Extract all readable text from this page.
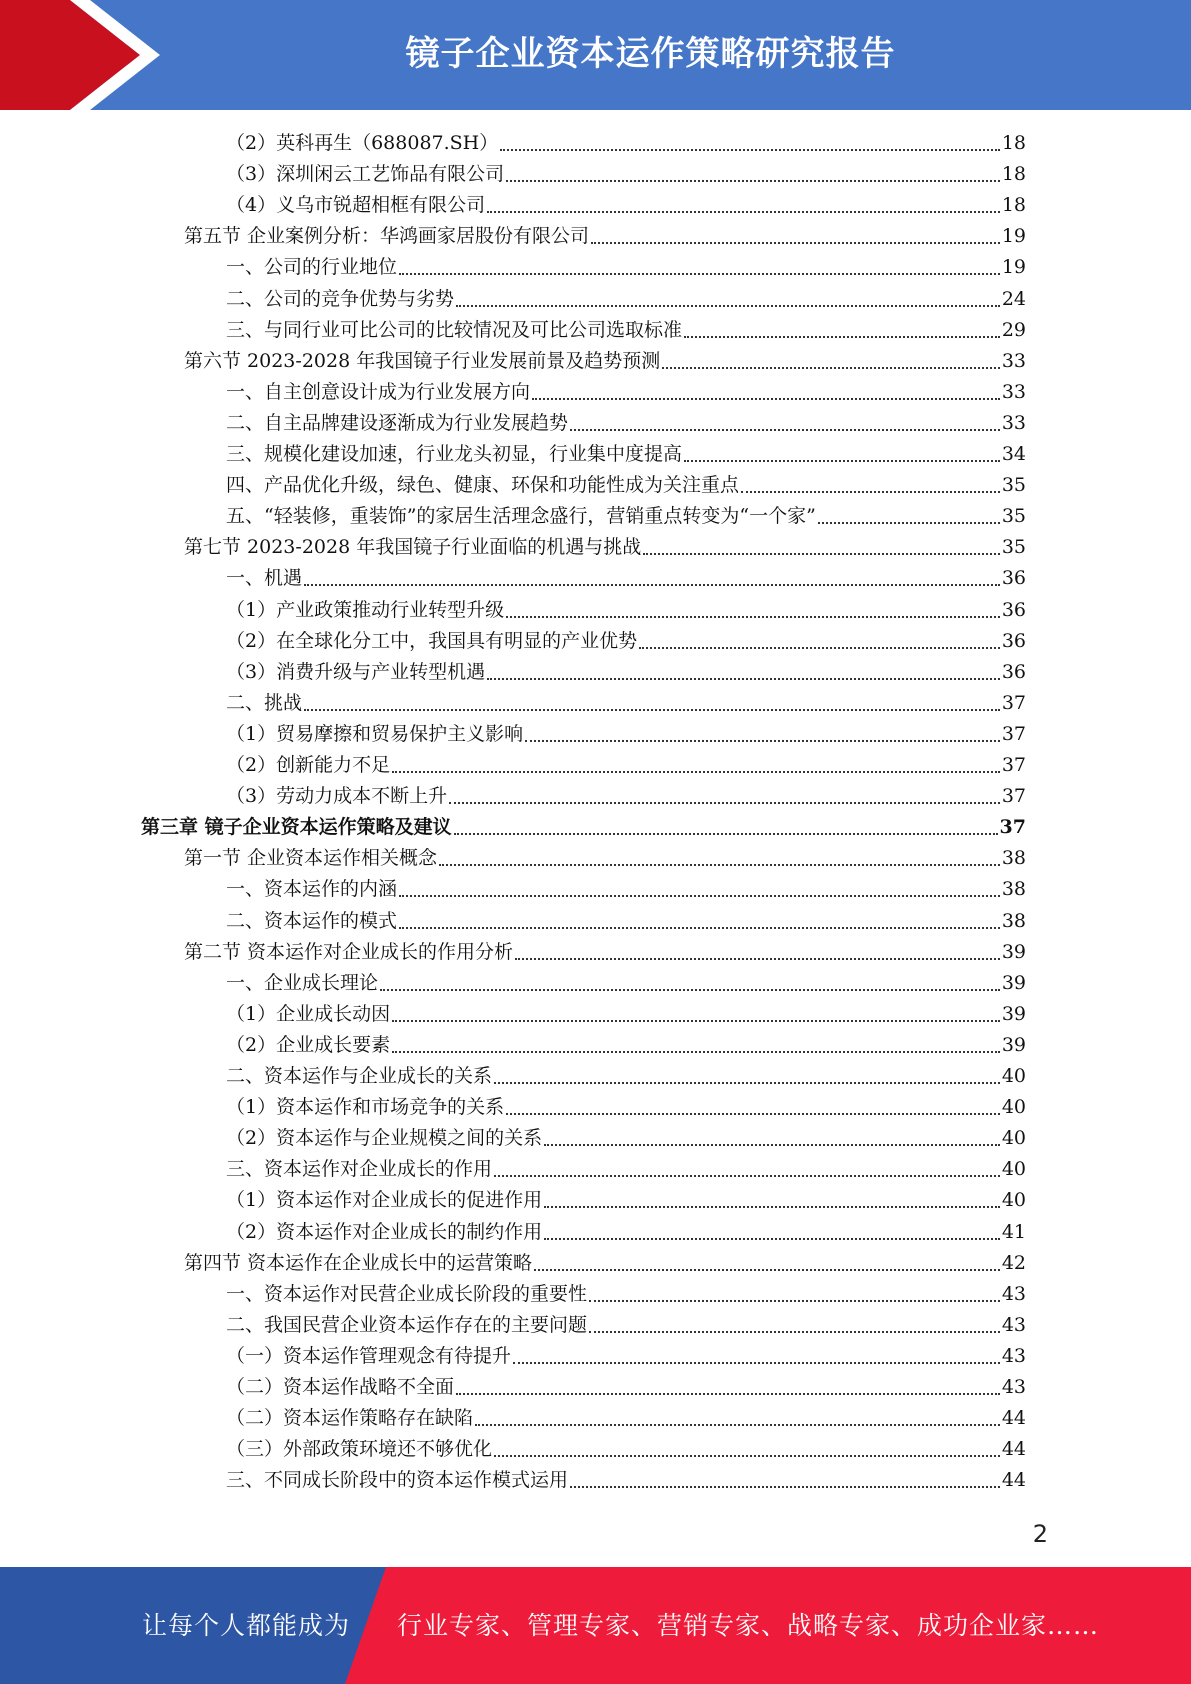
镜子企业资本运作策略研究报告
（2）英科再生（688087.SH）	18
（3）深圳闲云工艺饰品有限公司	18
（4）义乌市锐超相框有限公司	18
第五节 企业案例分析：华鸿画家居股份有限公司	19
一、公司的行业地位	19
二、公司的竞争优势与劣势	24
三、与同行业可比公司的比较情况及可比公司选取标准	29
第六节 2023-2028 年我国镜子行业发展前景及趋势预测	33
一、自主创意设计成为行业发展方向	33
二、自主品牌建设逐渐成为行业发展趋势	33
三、规模化建设加速，行业龙头初显，行业集中度提高	34
四、产品优化升级，绿色、健康、环保和功能性成为关注重点	35
五、“轻装修，重装饰”的家居生活理念盛行，营销重点转变为“一个家”	35
第七节 2023-2028 年我国镜子行业面临的机遇与挑战	35
一、机遇	36
（1）产业政策推动行业转型升级	36
（2）在全球化分工中，我国具有明显的产业优势	36
（3）消费升级与产业转型机遇	36
二、挑战	37
（1）贸易摩擦和贸易保护主义影响	37
（2）创新能力不足	37
（3）劳动力成本不断上升	37
第三章 镜子企业资本运作策略及建议	37
第一节 企业资本运作相关概念	38
一、资本运作的内涵	38
二、资本运作的模式	38
第二节 资本运作对企业成长的作用分析	39
一、企业成长理论	39
（1）企业成长动因	39
（2）企业成长要素	39
二、资本运作与企业成长的关系	40
（1）资本运作和市场竞争的关系	40
（2）资本运作与企业规模之间的关系	40
三、资本运作对企业成长的作用	40
（1）资本运作对企业成长的促进作用	40
（2）资本运作对企业成长的制约作用	41
第四节 资本运作在企业成长中的运营策略	42
一、资本运作对民营企业成长阶段的重要性	43
二、我国民营企业资本运作存在的主要问题	43
（一）资本运作管理观念有待提升	43
（二）资本运作战略不全面	43
（二）资本运作策略存在缺陷	44
（三）外部政策环境还不够优化	44
三、不同成长阶段中的资本运作模式运用	44
2
让每个人都能成为 行业专家、管理专家、营销专家、战略专家、成功企业家……
